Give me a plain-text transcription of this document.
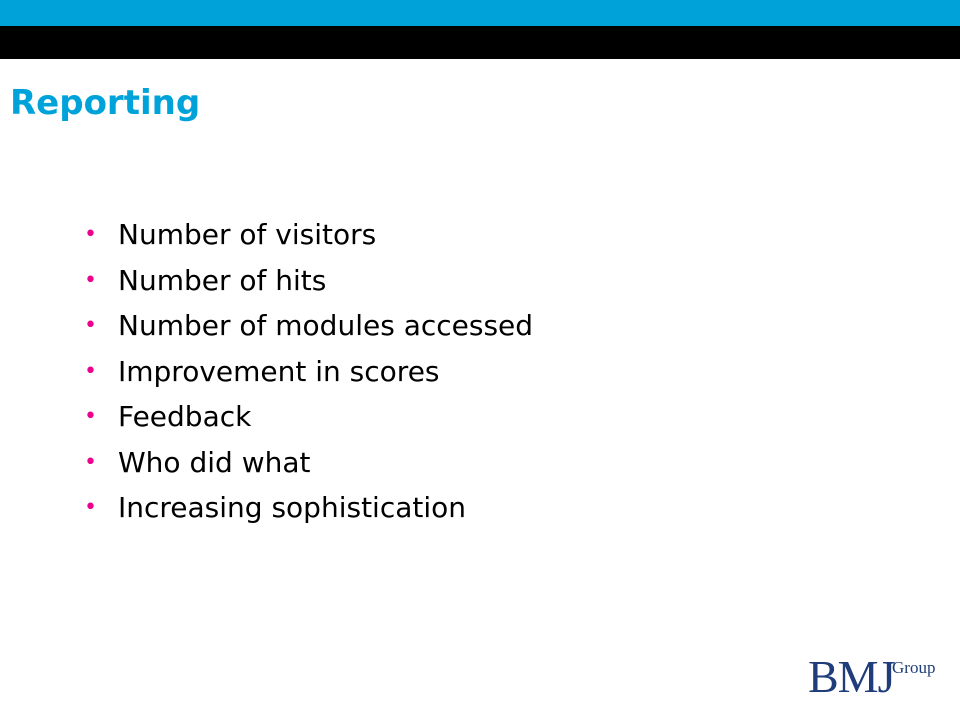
Reporting
• Number of visitors
• Number of hits
• Number of modules accessed
• Improvement in scores
• Feedback
• Who did what
• Increasing sophistication
BMJ
Group
